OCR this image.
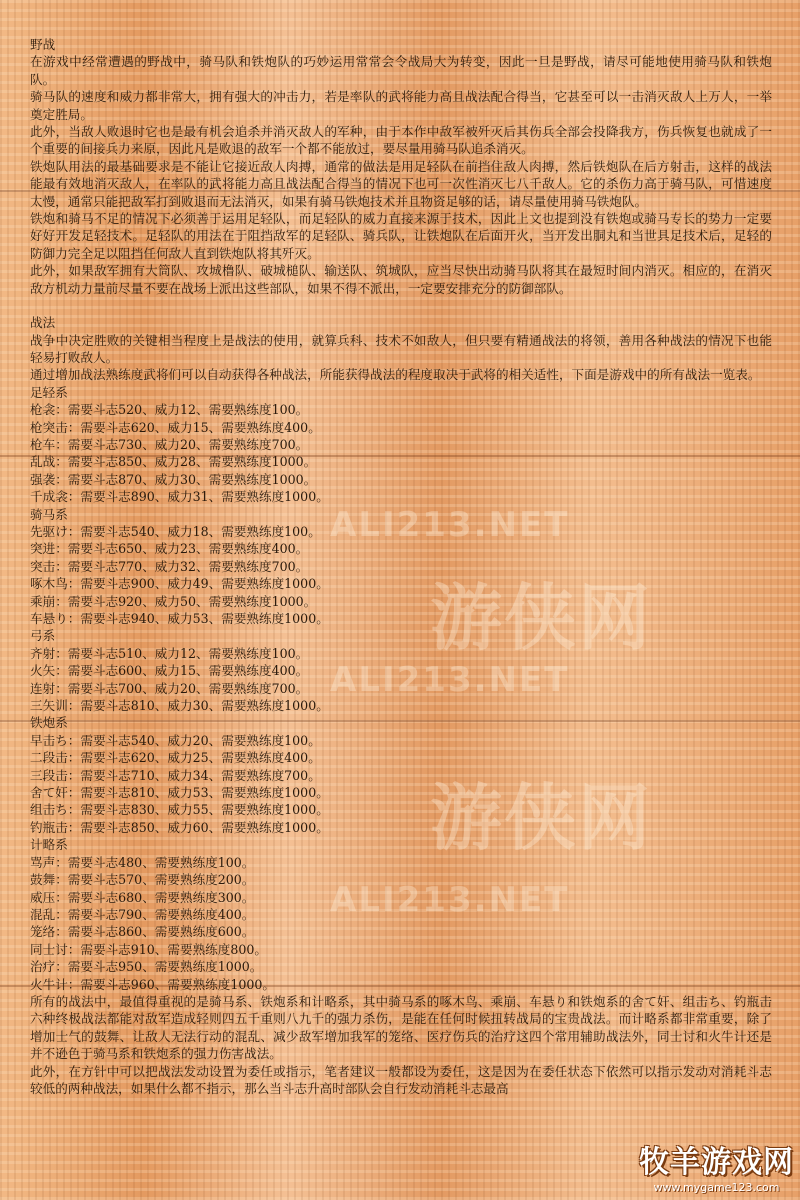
ALI213.NET
ALI213.NET
ALI213.NET
游侠网
游侠网

野战

在游戏中经常遭遇的野战中，骑马队和铁炮队的巧妙运用常常会令战局大为转变，因此一旦是野战，请尽可能地使用骑马队和铁炮队。

骑马队的速度和威力都非常大，拥有强大的冲击力，若是率队的武将能力高且战法配合得当，它甚至可以一击消灭敌人上万人，一举奠定胜局。

此外，当敌人败退时它也是最有机会追杀并消灭敌人的军种，由于本作中敌军被歼灭后其伤兵全部会投降我方，伤兵恢复也就成了一个重要的间接兵力来原，因此凡是败退的敌军一个都不能放过，要尽量用骑马队追杀消灭。

铁炮队用法的最基础要求是不能让它接近敌人肉搏，通常的做法是用足轻队在前挡住敌人肉搏，然后铁炮队在后方射击，这样的战法能最有效地消灭敌人，在率队的武将能力高且战法配合得当的情况下也可一次性消灭七八千敌人。它的杀伤力高于骑马队，可惜速度太慢，通常只能把敌军打到败退而无法消灭，如果有骑马铁炮技术并且物资足够的话，请尽量使用骑马铁炮队。

铁炮和骑马不足的情况下必须善于运用足轻队，而足轻队的威力直接来源于技术，因此上文也提到没有铁炮或骑马专长的势力一定要好好开发足轻技术。足轻队的用法在于阻挡敌军的足轻队、骑兵队，让铁炮队在后面开火，当开发出胴丸和当世具足技术后，足轻的防御力完全足以阻挡任何敌人直到铁炮队将其歼灭。

此外，如果敌军拥有大筒队、攻城橹队、破城槌队、输送队、筑城队，应当尽快出动骑马队将其在最短时间内消灭。相应的，在消灭敌方机动力量前尽量不要在战场上派出这些部队，如果不得不派出，一定要安排充分的防御部队。

战法

战争中决定胜败的关键相当程度上是战法的使用，就算兵科、技术不如敌人，但只要有精通战法的将领，善用各种战法的情况下也能轻易打败敌人。

通过增加战法熟练度武将们可以自动获得各种战法，所能获得战法的程度取决于武将的相关适性，下面是游戏中的所有战法一览表。

足轻系

枪衾：需要斗志520、威力12、需要熟练度100。

枪突击：需要斗志620、威力15、需要熟练度400。

枪车：需要斗志730、威力20、需要熟练度700。

乱战：需要斗志850、威力28、需要熟练度1000。

强袭：需要斗志870、威力30、需要熟练度1000。

千成衾：需要斗志890、威力31、需要熟练度1000。

骑马系

先驱け：需要斗志540、威力18、需要熟练度100。

突进：需要斗志650、威力23、需要熟练度400。

突击：需要斗志770、威力32、需要熟练度700。

啄木鸟：需要斗志900、威力49、需要熟练度1000。

乘崩：需要斗志920、威力50、需要熟练度1000。

车悬り：需要斗志940、威力53、需要熟练度1000。

弓系

齐射：需要斗志510、威力12、需要熟练度100。

火矢：需要斗志600、威力15、需要熟练度400。

连射：需要斗志700、威力20、需要熟练度700。

三矢训：需要斗志810、威力30、需要熟练度1000。

铁炮系

早击ち：需要斗志540、威力20、需要熟练度100。

二段击：需要斗志620、威力25、需要熟练度400。

三段击：需要斗志710、威力34、需要熟练度700。

舍て奸：需要斗志810、威力53、需要熟练度1000。

组击ち：需要斗志830、威力55、需要熟练度1000。

钓瓶击：需要斗志850、威力60、需要熟练度1000。

计略系

骂声：需要斗志480、需要熟练度100。

鼓舞：需要斗志570、需要熟练度200。

威压：需要斗志680、需要熟练度300。

混乱：需要斗志790、需要熟练度400。

笼络：需要斗志860、需要熟练度600。

同士讨：需要斗志910、需要熟练度800。

治疗：需要斗志950、需要熟练度1000。

火牛计：需要斗志960、需要熟练度1000。

所有的战法中，最值得重视的是骑马系、铁炮系和计略系，其中骑马系的啄木鸟、乘崩、车悬り和铁炮系的舍て奸、组击ち、钓瓶击六种终极战法都能对敌军造成轻则四五千重则八九千的强力杀伤，是能在任何时候扭转战局的宝贵战法。而计略系都非常重要，除了增加士气的鼓舞、让敌人无法行动的混乱、减少敌军增加我军的笼络、医疗伤兵的治疗这四个常用辅助战法外，同士讨和火牛计还是并不逊色于骑马系和铁炮系的强力伤害战法。

此外，在方针中可以把战法发动设置为委任或指示，笔者建议一般都设为委任，这是因为在委任状态下依然可以指示发动对消耗斗志较低的两种战法，如果什么都不指示，那么当斗志升高时部队会自行发动消耗斗志最高

牧羊游戏网
www.mygame123.com
